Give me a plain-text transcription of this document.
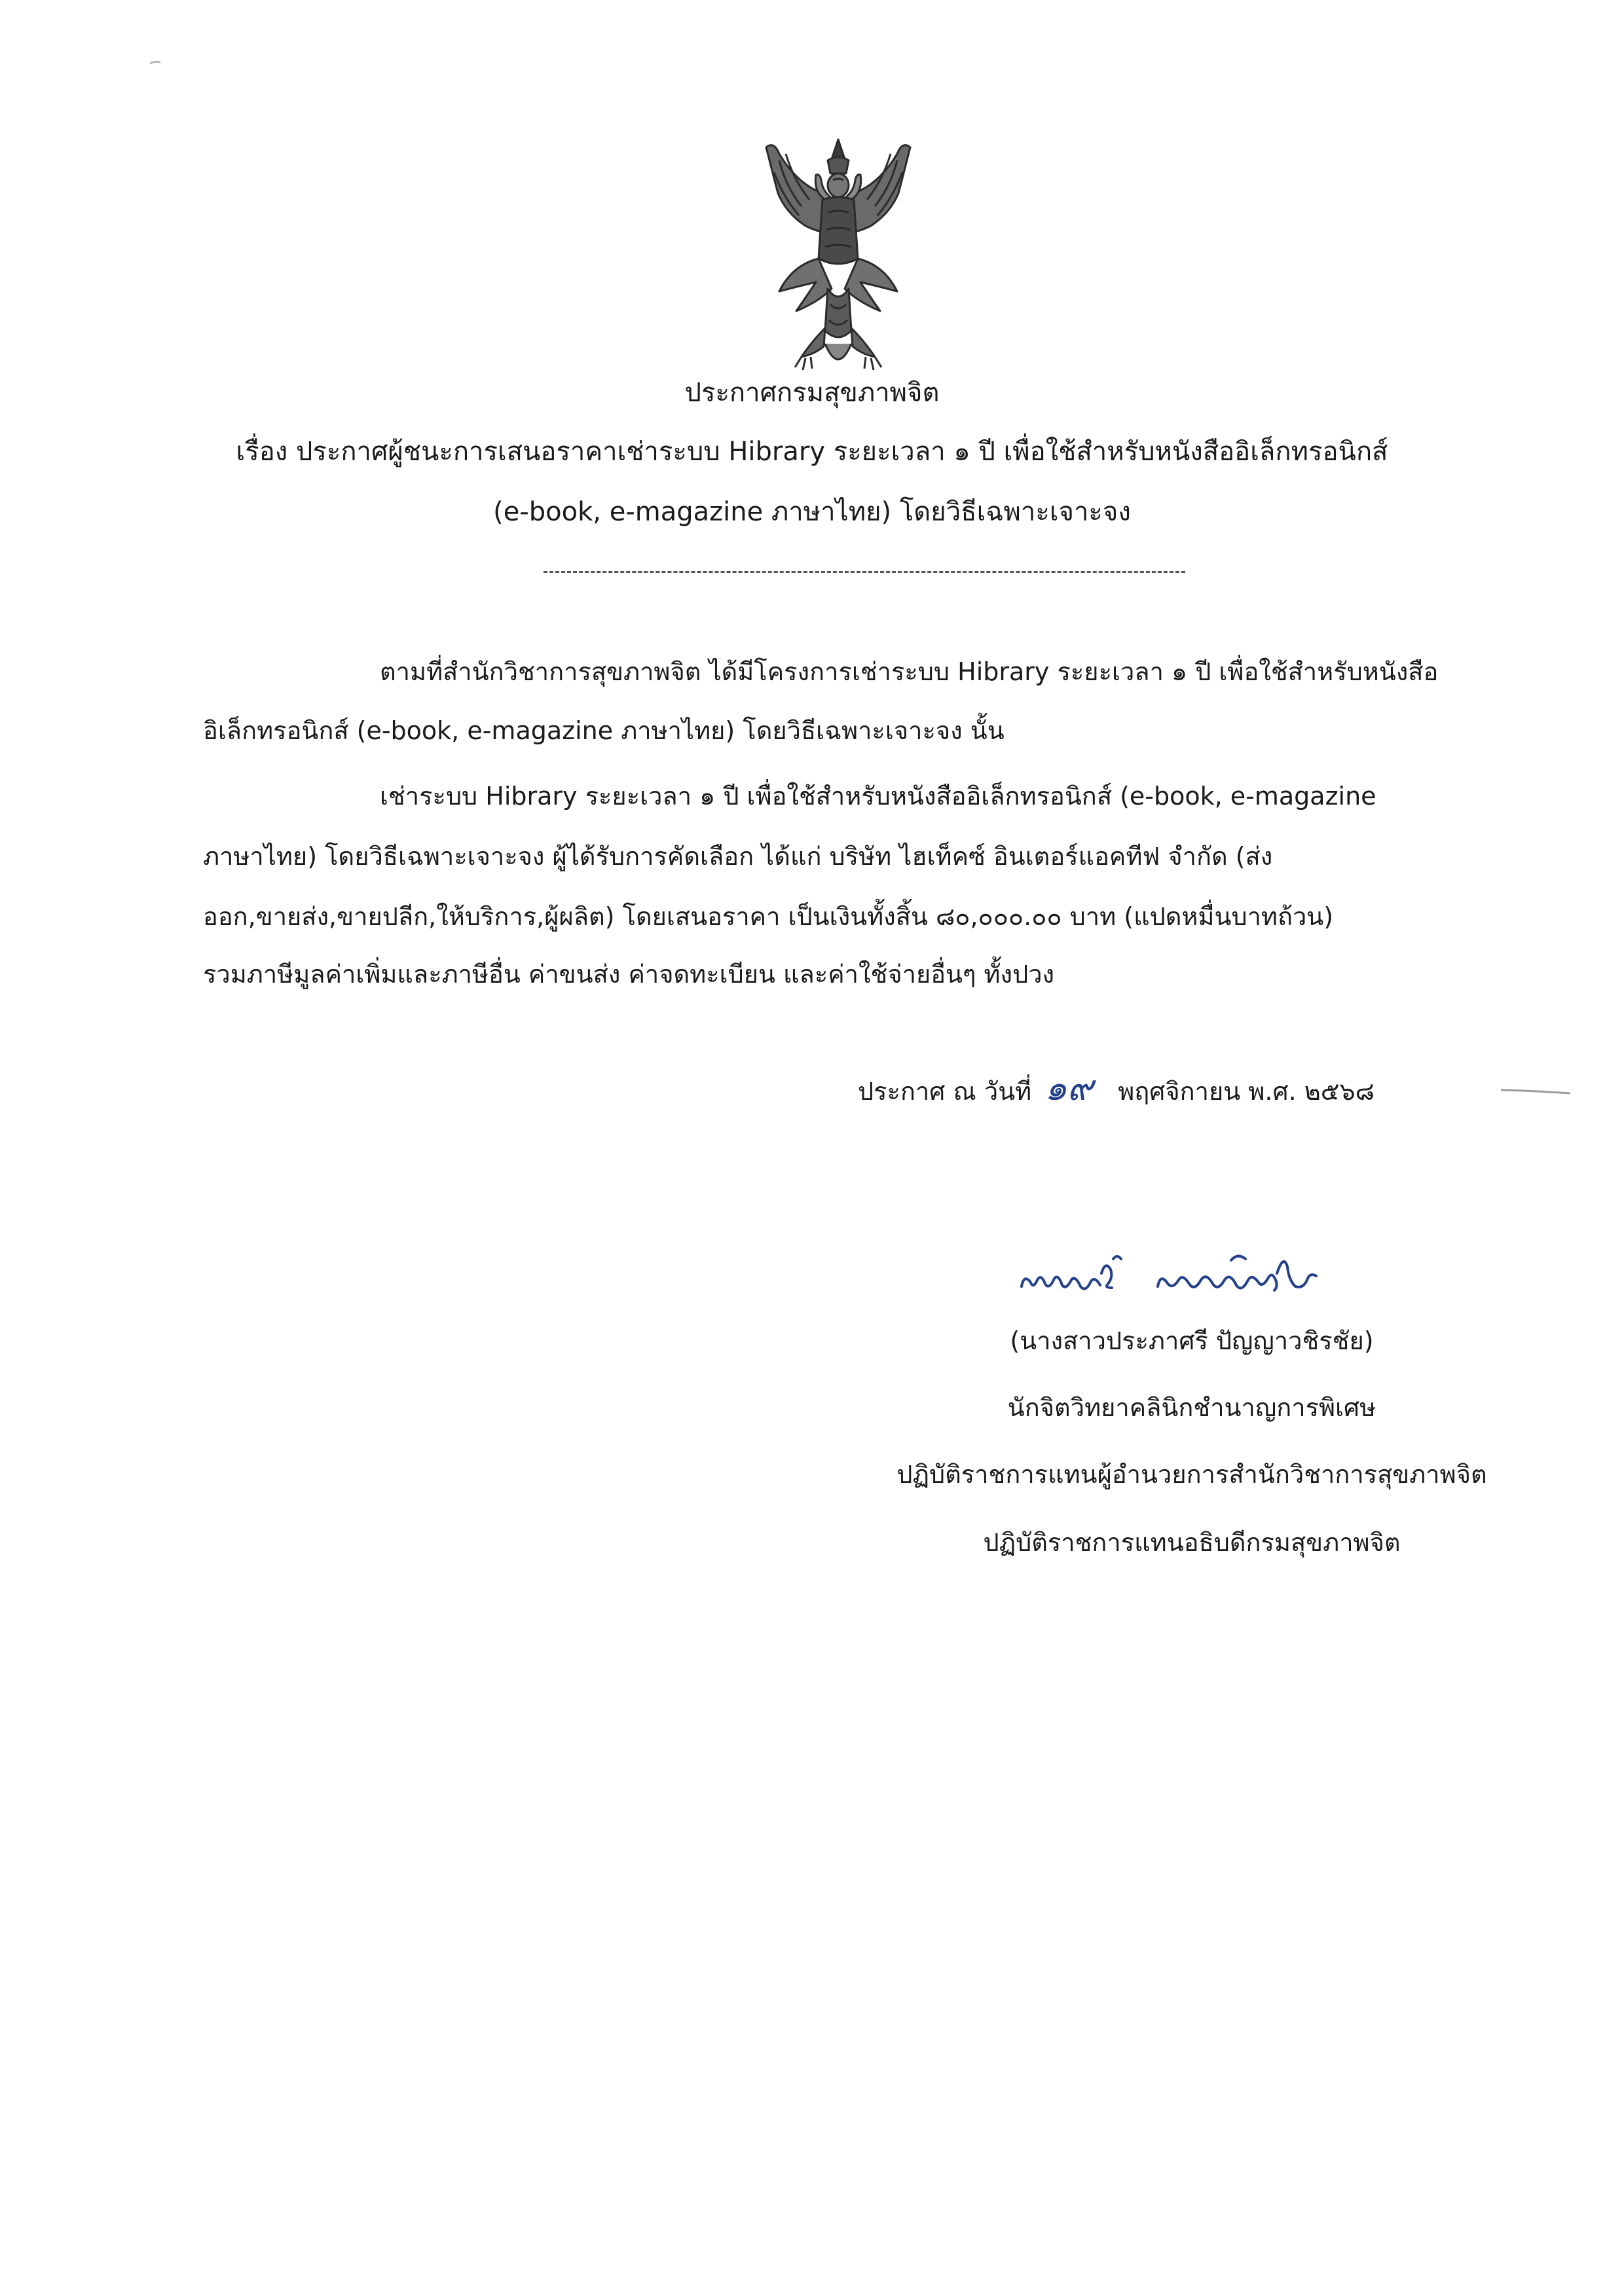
ประกาศกรมสุขภาพจิต
เรื่อง ประกาศผู้ชนะการเสนอราคาเช่าระบบ Hibrary ระยะเวลา ๑ ปี เพื่อใช้สำหรับหนังสืออิเล็กทรอนิกส์
(e-book, e-magazine ภาษาไทย) โดยวิธีเฉพาะเจาะจง
ตามที่สำนักวิชาการสุขภาพจิต ได้มีโครงการเช่าระบบ Hibrary ระยะเวลา ๑ ปี เพื่อใช้สำหรับหนังสือ
อิเล็กทรอนิกส์ (e-book, e-magazine ภาษาไทย) โดยวิธีเฉพาะเจาะจง นั้น
เช่าระบบ Hibrary ระยะเวลา ๑ ปี เพื่อใช้สำหรับหนังสืออิเล็กทรอนิกส์ (e-book, e-magazine
ภาษาไทย) โดยวิธีเฉพาะเจาะจง ผู้ได้รับการคัดเลือก ได้แก่ บริษัท ไฮเท็คซ์ อินเตอร์แอคทีฟ จำกัด (ส่ง
ออก,ขายส่ง,ขายปลีก,ให้บริการ,ผู้ผลิต) โดยเสนอราคา เป็นเงินทั้งสิ้น ๘๐,๐๐๐.๐๐ บาท (แปดหมื่นบาทถ้วน)
รวมภาษีมูลค่าเพิ่มและภาษีอื่น ค่าขนส่ง ค่าจดทะเบียน และค่าใช้จ่ายอื่นๆ ทั้งปวง
ประกาศ ณ วันที่ ๑๙ พฤศจิกายน พ.ศ. ๒๕๖๘
(นางสาวประภาศรี ปัญญาวชิรชัย)
นักจิตวิทยาคลินิกชำนาญการพิเศษ
ปฏิบัติราชการแทนผู้อำนวยการสำนักวิชาการสุขภาพจิต
ปฏิบัติราชการแทนอธิบดีกรมสุขภาพจิต
